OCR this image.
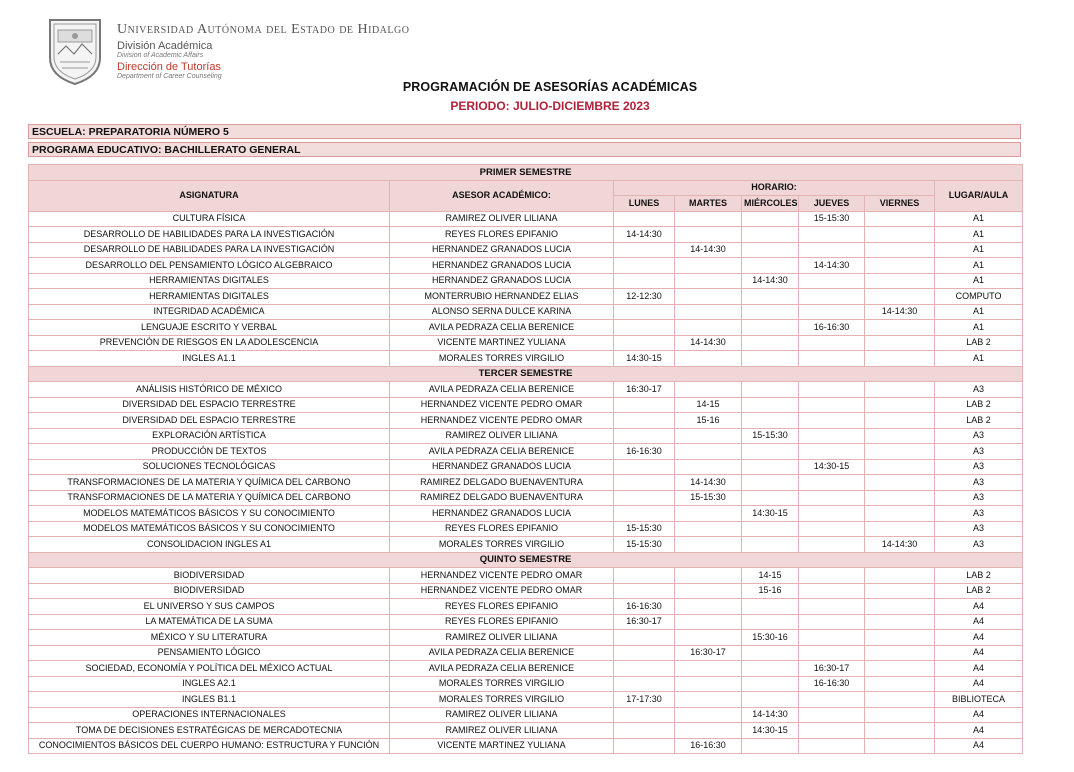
Universidad Autónoma del Estado de Hidalgo
División Académica
Division of Academic Affairs
Dirección de Tutorías
Department of Career Counseling
PROGRAMACIÓN DE ASESORÍAS ACADÉMICAS
PERIODO: JULIO-DICIEMBRE 2023
ESCUELA: PREPARATORIA NÚMERO 5
PROGRAMA EDUCATIVO: BACHILLERATO GENERAL
PRIMER SEMESTRE							
ASIGNATURA	ASESOR ACADÉMICO:	HORARIO:					LUGAR/AULA
		LUNES	MARTES	MIÉRCOLES	JUEVES	VIERNES	
CULTURA FÍSICA	RAMIREZ OLIVER LILIANA				15-15:30		A1
DESARROLLO DE HABILIDADES PARA LA INVESTIGACIÓN	REYES FLORES EPIFANIO	14-14:30					A1
DESARROLLO DE HABILIDADES PARA LA INVESTIGACIÓN	HERNANDEZ GRANADOS LUCIA		14-14:30				A1
DESARROLLO DEL PENSAMIENTO LÓGICO ALGEBRAICO	HERNANDEZ GRANADOS LUCIA				14-14:30		A1
HERRAMIENTAS DIGITALES	HERNANDEZ GRANADOS LUCIA			14-14:30			A1
HERRAMIENTAS DIGITALES	MONTERRUBIO HERNANDEZ ELIAS	12-12:30					COMPUTO
INTEGRIDAD ACADÉMICA	ALONSO SERNA DULCE KARINA					14-14:30	A1
LENGUAJE ESCRITO Y VERBAL	AVILA PEDRAZA CELIA BERENICE				16-16:30		A1
PREVENCIÓN DE RIESGOS EN LA ADOLESCENCIA	VICENTE MARTINEZ YULIANA		14-14:30				LAB 2
INGLES A1.1	MORALES TORRES VIRGILIO	14:30-15					A1
TERCER SEMESTRE							
ANÁLISIS HISTÓRICO DE MÉXICO	AVILA PEDRAZA CELIA BERENICE	16:30-17					A3
DIVERSIDAD DEL ESPACIO TERRESTRE	HERNANDEZ VICENTE PEDRO OMAR		14-15				LAB 2
DIVERSIDAD DEL ESPACIO TERRESTRE	HERNANDEZ VICENTE PEDRO OMAR		15-16				LAB 2
EXPLORACIÓN ARTÍSTICA	RAMIREZ OLIVER LILIANA			15-15:30			A3
PRODUCCIÓN DE TEXTOS	AVILA PEDRAZA CELIA BERENICE	16-16:30					A3
SOLUCIONES TECNOLÓGICAS	HERNANDEZ GRANADOS LUCIA				14:30-15		A3
TRANSFORMACIONES DE LA MATERIA Y QUÍMICA DEL CARBONO	RAMIREZ DELGADO BUENAVENTURA		14-14:30				A3
TRANSFORMACIONES DE LA MATERIA Y QUÍMICA DEL CARBONO	RAMIREZ DELGADO BUENAVENTURA		15-15:30				A3
MODELOS MATEMÁTICOS BÁSICOS Y SU CONOCIMIENTO	HERNANDEZ GRANADOS LUCIA			14:30-15			A3
MODELOS MATEMÁTICOS BÁSICOS Y SU CONOCIMIENTO	REYES FLORES EPIFANIO	15-15:30					A3
CONSOLIDACION INGLES A1	MORALES TORRES VIRGILIO	15-15:30				14-14:30	A3
QUINTO SEMESTRE							
BIODIVERSIDAD	HERNANDEZ VICENTE PEDRO OMAR			14-15			LAB 2
BIODIVERSIDAD	HERNANDEZ VICENTE PEDRO OMAR			15-16			LAB 2
EL UNIVERSO Y SUS CAMPOS	REYES FLORES EPIFANIO	16-16:30					A4
LA MATEMÁTICA DE LA SUMA	REYES FLORES EPIFANIO	16:30-17					A4
MÉXICO Y SU LITERATURA	RAMIREZ OLIVER LILIANA			15:30-16			A4
PENSAMIENTO LÓGICO	AVILA PEDRAZA CELIA BERENICE		16:30-17				A4
SOCIEDAD, ECONOMÍA Y POLÍTICA DEL MÉXICO ACTUAL	AVILA PEDRAZA CELIA BERENICE				16:30-17		A4
INGLES A2.1	MORALES TORRES VIRGILIO				16-16:30		A4
INGLES B1.1	MORALES TORRES VIRGILIO	17-17:30					BIBLIOTECA
OPERACIONES INTERNACIONALES	RAMIREZ OLIVER LILIANA			14-14:30			A4
TOMA DE DECISIONES ESTRATÉGICAS DE MERCADOTECNIA	RAMIREZ OLIVER LILIANA			14:30-15			A4
CONOCIMIENTOS BÁSICOS DEL CUERPO HUMANO: ESTRUCTURA Y FUNCIÓN	VICENTE MARTINEZ YULIANA		16-16:30				A4
